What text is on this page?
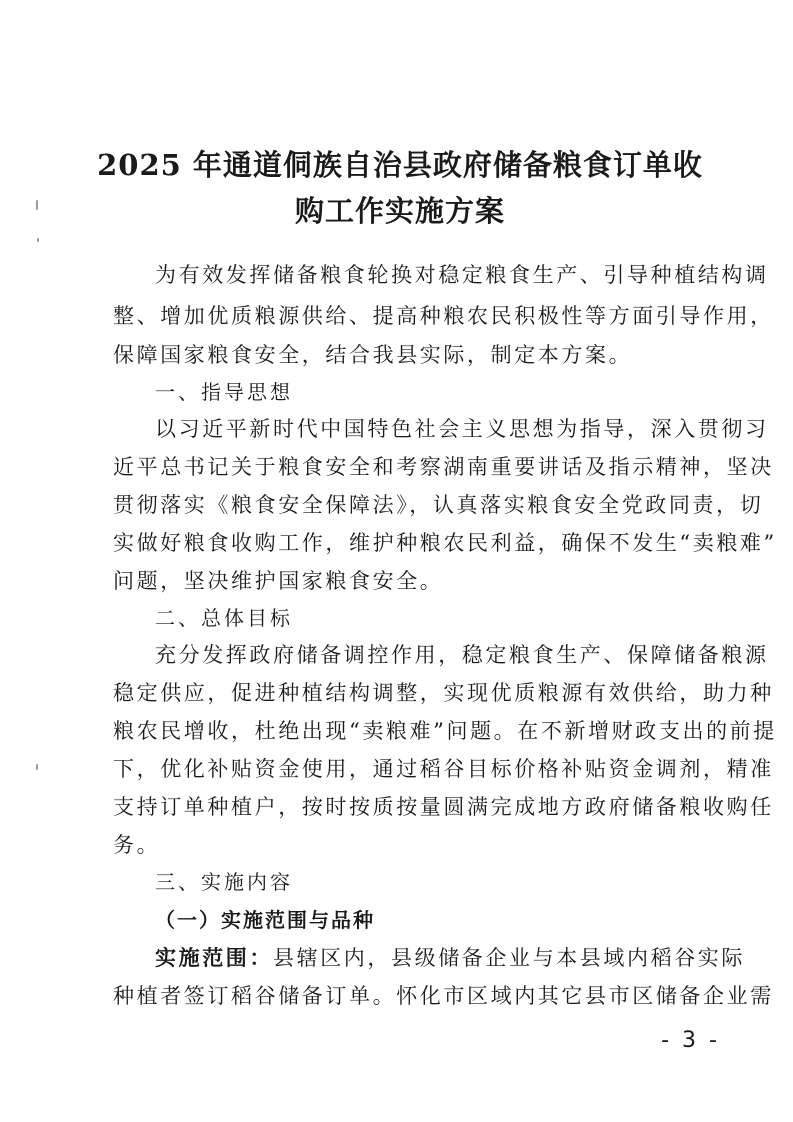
2025 年通道侗族自治县政府储备粮食订单收
购工作实施方案
为有效发挥储备粮食轮换对稳定粮食生产、引导种植结构调
整、增加优质粮源供给、提高种粮农民积极性等方面引导作用，
保障国家粮食安全，结合我县实际，制定本方案。
一、指导思想
以习近平新时代中国特色社会主义思想为指导，深入贯彻习
近平总书记关于粮食安全和考察湖南重要讲话及指示精神，坚决
贯彻落实《粮食安全保障法》，认真落实粮食安全党政同责，切
实做好粮食收购工作，维护种粮农民利益，确保不发生“卖粮难”
问题，坚决维护国家粮食安全。
二、总体目标
充分发挥政府储备调控作用，稳定粮食生产、保障储备粮源
稳定供应，促进种植结构调整，实现优质粮源有效供给，助力种
粮农民增收，杜绝出现“卖粮难”问题。在不新增财政支出的前提
下，优化补贴资金使用，通过稻谷目标价格补贴资金调剂，精准
支持订单种植户，按时按质按量圆满完成地方政府储备粮收购任
务。
三、实施内容
（一）实施范围与品种
实施范围：县辖区内，县级储备企业与本县域内稻谷实际
种植者签订稻谷储备订单。怀化市区域内其它县市区储备企业需
- 3 -
